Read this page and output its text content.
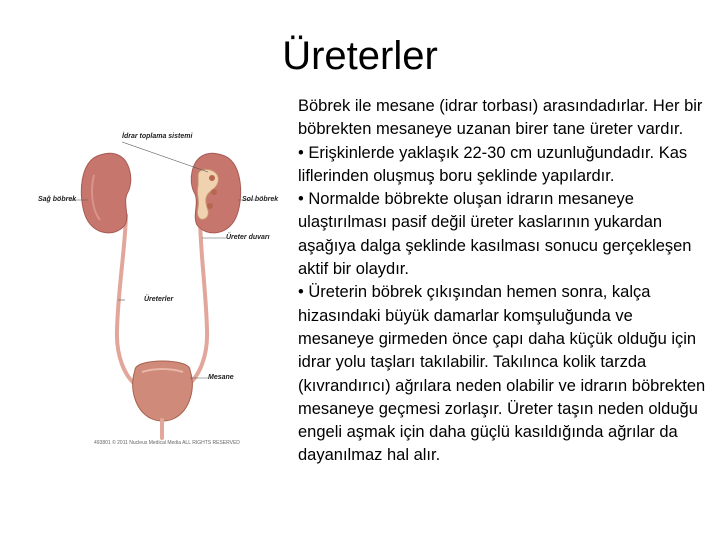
Üreterler

Böbrek ile mesane (idrar torbası) arasındadırlar. Her bir böbrekten mesaneye uzanan birer tane üreter vardır.

• Erişkinlerde yaklaşık 22-30 cm uzunluğundadır. Kas liflerinden oluşmuş boru şeklinde yapılardır.

• Normalde böbrekte oluşan idrarın mesaneye ulaştırılması pasif değil üreter kaslarının yukardan aşağıya dalga şeklinde kasılması sonucu gerçekleşen aktif bir olaydır.

• Üreterin böbrek çıkışından hemen sonra, kalça hizasındaki büyük damarlar komşuluğunda ve mesaneye girmeden önce çapı daha küçük olduğu için idrar yolu taşları takılabilir. Takılınca kolik tarzda (kıvrandırıcı) ağrılara neden olabilir ve idrarın böbrekten mesaneye geçmesi zorlaşır. Üreter taşın neden olduğu engeli aşmak için daha güçlü kasıldığında ağrılar da dayanılmaz hal alır.

İdrar toplama sistemi
Sağ böbrek	Sol böbrek
Üreter duvarı
Üreterler
Mesane
493801 © 2011 Nucleus Medical Media ALL RIGHTS RESERVED
